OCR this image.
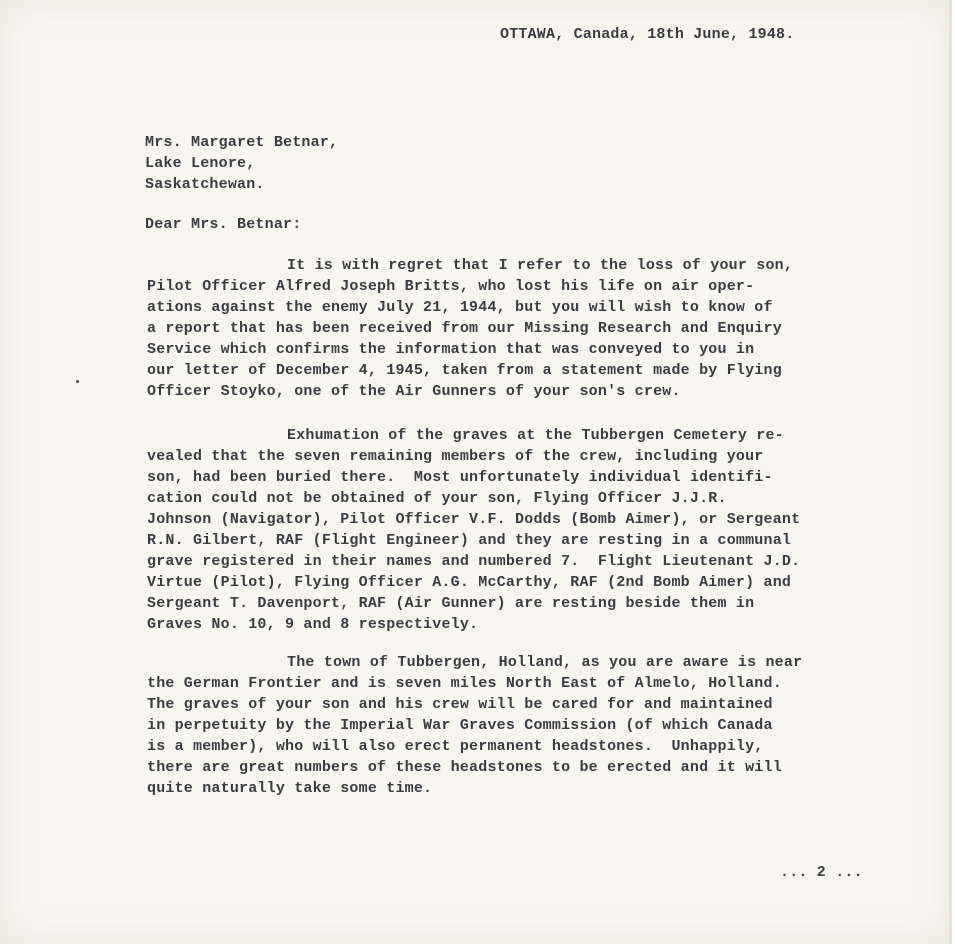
OTTAWA, Canada, 18th June, 1948.

Mrs. Margaret Betnar,

Lake Lenore,

Saskatchewan.

Dear Mrs. Betnar:

It is with regret that I refer to the loss of your son,
Pilot Officer Alfred Joseph Britts, who lost his life on air oper-
ations against the enemy July 21, 1944, but you will wish to know of
a report that has been received from our Missing Research and Enquiry
Service which confirms the information that was conveyed to you in
our letter of December 4, 1945, taken from a statement made by Flying
Officer Stoyko, one of the Air Gunners of your son's crew.
Exhumation of the graves at the Tubbergen Cemetery re-
vealed that the seven remaining members of the crew, including your
son, had been buried there.  Most unfortunately individual identifi-
cation could not be obtained of your son, Flying Officer J.J.R.
Johnson (Navigator), Pilot Officer V.F. Dodds (Bomb Aimer), or Sergeant
R.N. Gilbert, RAF (Flight Engineer) and they are resting in a communal
grave registered in their names and numbered 7.  Flight Lieutenant J.D.
Virtue (Pilot), Flying Officer A.G. McCarthy, RAF (2nd Bomb Aimer) and
Sergeant T. Davenport, RAF (Air Gunner) are resting beside them in
Graves No. 10, 9 and 8 respectively.
The town of Tubbergen, Holland, as you are aware is near
the German Frontier and is seven miles North East of Almelo, Holland.
The graves of your son and his crew will be cared for and maintained
in perpetuity by the Imperial War Graves Commission (of which Canada
is a member), who will also erect permanent headstones.  Unhappily,
there are great numbers of these headstones to be erected and it will
quite naturally take some time.

... 2 ...
